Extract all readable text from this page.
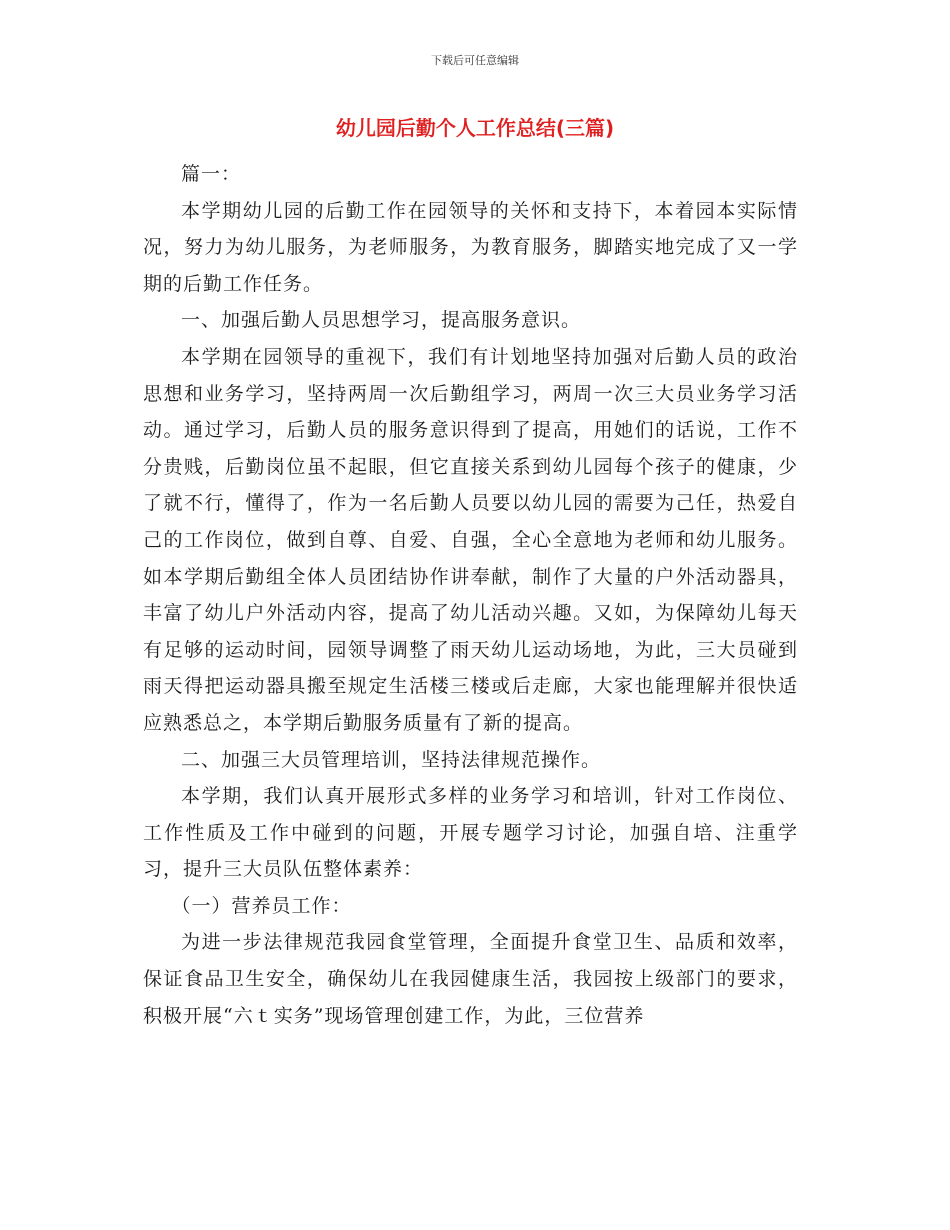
下载后可任意编辑
幼儿园后勤个人工作总结(三篇)

篇一：

本学期幼儿园的后勤工作在园领导的关怀和支持下，本着园本实际情况，努力为幼儿服务，为老师服务，为教育服务，脚踏实地完成了又一学期的后勤工作任务。

一、加强后勤人员思想学习，提高服务意识。

本学期在园领导的重视下，我们有计划地坚持加强对后勤人员的政治思想和业务学习，坚持两周一次后勤组学习，两周一次三大员业务学习活动。通过学习，后勤人员的服务意识得到了提高，用她们的话说，工作不分贵贱，后勤岗位虽不起眼，但它直接关系到幼儿园每个孩子的健康，少了就不行，懂得了，作为一名后勤人员要以幼儿园的需要为己任，热爱自己的工作岗位，做到自尊、自爱、自强，全心全意地为老师和幼儿服务。如本学期后勤组全体人员团结协作讲奉献，制作了大量的户外活动器具，丰富了幼儿户外活动内容，提高了幼儿活动兴趣。又如，为保障幼儿每天有足够的运动时间，园领导调整了雨天幼儿运动场地，为此，三大员碰到雨天得把运动器具搬至规定生活楼三楼或后走廊，大家也能理解并很快适应熟悉总之，本学期后勤服务质量有了新的提高。

二、加强三大员管理培训，坚持法律规范操作。

本学期，我们认真开展形式多样的业务学习和培训，针对工作岗位、工作性质及工作中碰到的问题，开展专题学习讨论，加强自培、注重学习，提升三大员队伍整体素养：

（一）营养员工作：

为进一步法律规范我园食堂管理，全面提升食堂卫生、品质和效率，保证食品卫生安全，确保幼儿在我园健康生活，我园按上级部门的要求，积极开展“六ｔ实务”现场管理创建工作，为此，三位营养
